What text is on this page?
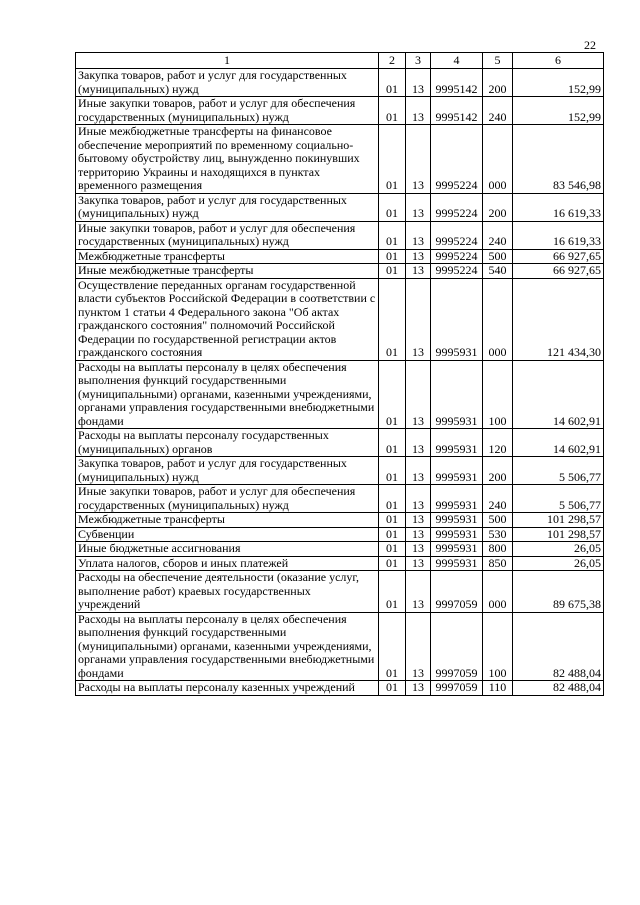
22
1	2	3	4	5	6
Закупка товаров, работ и услуг для государственных (муниципальных) нужд	01	13	9995142	200	152,99
Иные закупки товаров, работ и услуг для обеспечения государственных (муниципальных) нужд	01	13	9995142	240	152,99
Иные межбюджетные трансферты на финансовое обеспечение мероприятий по временному социально-бытовому обустройству лиц, вынужденно покинувших территорию Украины и находящихся в пунктах временного размещения	01	13	9995224	000	83 546,98
Закупка товаров, работ и услуг для государственных (муниципальных) нужд	01	13	9995224	200	16 619,33
Иные закупки товаров, работ и услуг для обеспечения государственных (муниципальных) нужд	01	13	9995224	240	16 619,33
Межбюджетные трансферты	01	13	9995224	500	66 927,65
Иные межбюджетные трансферты	01	13	9995224	540	66 927,65
Осуществление переданных органам государственной власти субъектов Российской Федерации в соответствии с пунктом 1 статьи 4 Федерального закона "Об актах гражданского состояния" полномочий Российской Федерации по государственной регистрации актов гражданского состояния	01	13	9995931	000	121 434,30
Расходы на выплаты персоналу в целях обеспечения выполнения функций государственными (муниципальными) органами, казенными учреждениями, органами управления государственными внебюджетными фондами	01	13	9995931	100	14 602,91
Расходы на выплаты персоналу государственных (муниципальных) органов	01	13	9995931	120	14 602,91
Закупка товаров, работ и услуг для государственных (муниципальных) нужд	01	13	9995931	200	5 506,77
Иные закупки товаров, работ и услуг для обеспечения государственных (муниципальных) нужд	01	13	9995931	240	5 506,77
Межбюджетные трансферты	01	13	9995931	500	101 298,57
Субвенции	01	13	9995931	530	101 298,57
Иные бюджетные ассигнования	01	13	9995931	800	26,05
Уплата налогов, сборов и иных платежей	01	13	9995931	850	26,05
Расходы на обеспечение деятельности (оказание услуг, выполнение работ) краевых государственных учреждений	01	13	9997059	000	89 675,38
Расходы на выплаты персоналу в целях обеспечения выполнения функций государственными (муниципальными) органами, казенными учреждениями, органами управления государственными внебюджетными фондами	01	13	9997059	100	82 488,04
Расходы на выплаты персоналу казенных учреждений	01	13	9997059	110	82 488,04
